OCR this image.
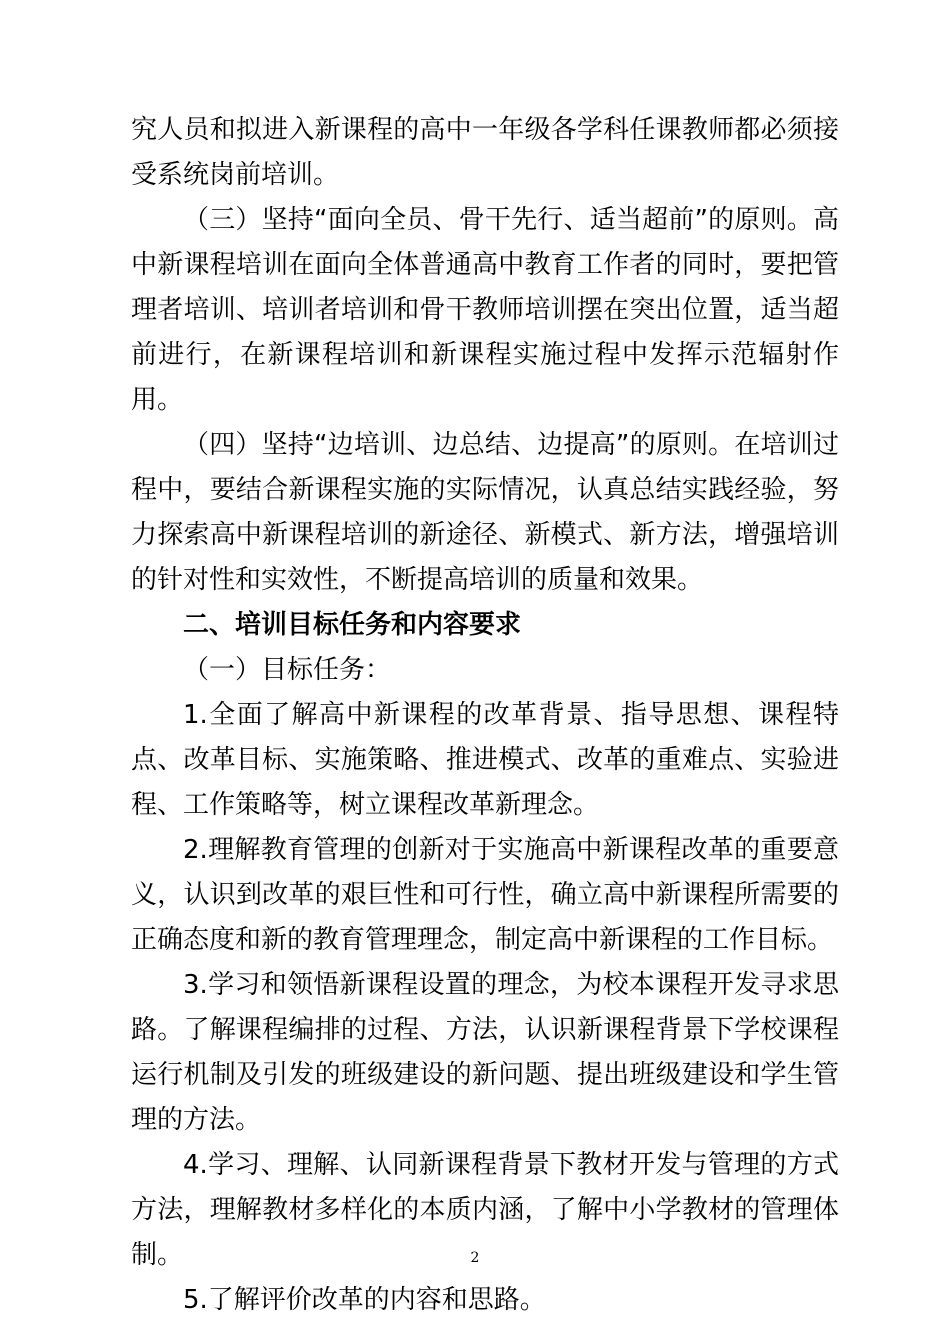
究人员和拟进入新课程的高中一年级各学科任课教师都必须接受系统岗前培训。

（三）坚持“面向全员、骨干先行、适当超前”的原则。高中新课程培训在面向全体普通高中教育工作者的同时，要把管理者培训、培训者培训和骨干教师培训摆在突出位置，适当超前进行，在新课程培训和新课程实施过程中发挥示范辐射作用。

（四）坚持“边培训、边总结、边提高”的原则。在培训过程中，要结合新课程实施的实际情况，认真总结实践经验，努力探索高中新课程培训的新途径、新模式、新方法，增强培训的针对性和实效性，不断提高培训的质量和效果。

二、培训目标任务和内容要求

（一）目标任务：

1.全面了解高中新课程的改革背景、指导思想、课程特点、改革目标、实施策略、推进模式、改革的重难点、实验进程、工作策略等，树立课程改革新理念。

2.理解教育管理的创新对于实施高中新课程改革的重要意义，认识到改革的艰巨性和可行性，确立高中新课程所需要的正确态度和新的教育管理理念，制定高中新课程的工作目标。

3.学习和领悟新课程设置的理念，为校本课程开发寻求思路。了解课程编排的过程、方法，认识新课程背景下学校课程运行机制及引发的班级建设的新问题、提出班级建设和学生管理的方法。

4.学习、理解、认同新课程背景下教材开发与管理的方式方法，理解教材多样化的本质内涵，了解中小学教材的管理体制。

5.了解评价改革的内容和思路。

2
